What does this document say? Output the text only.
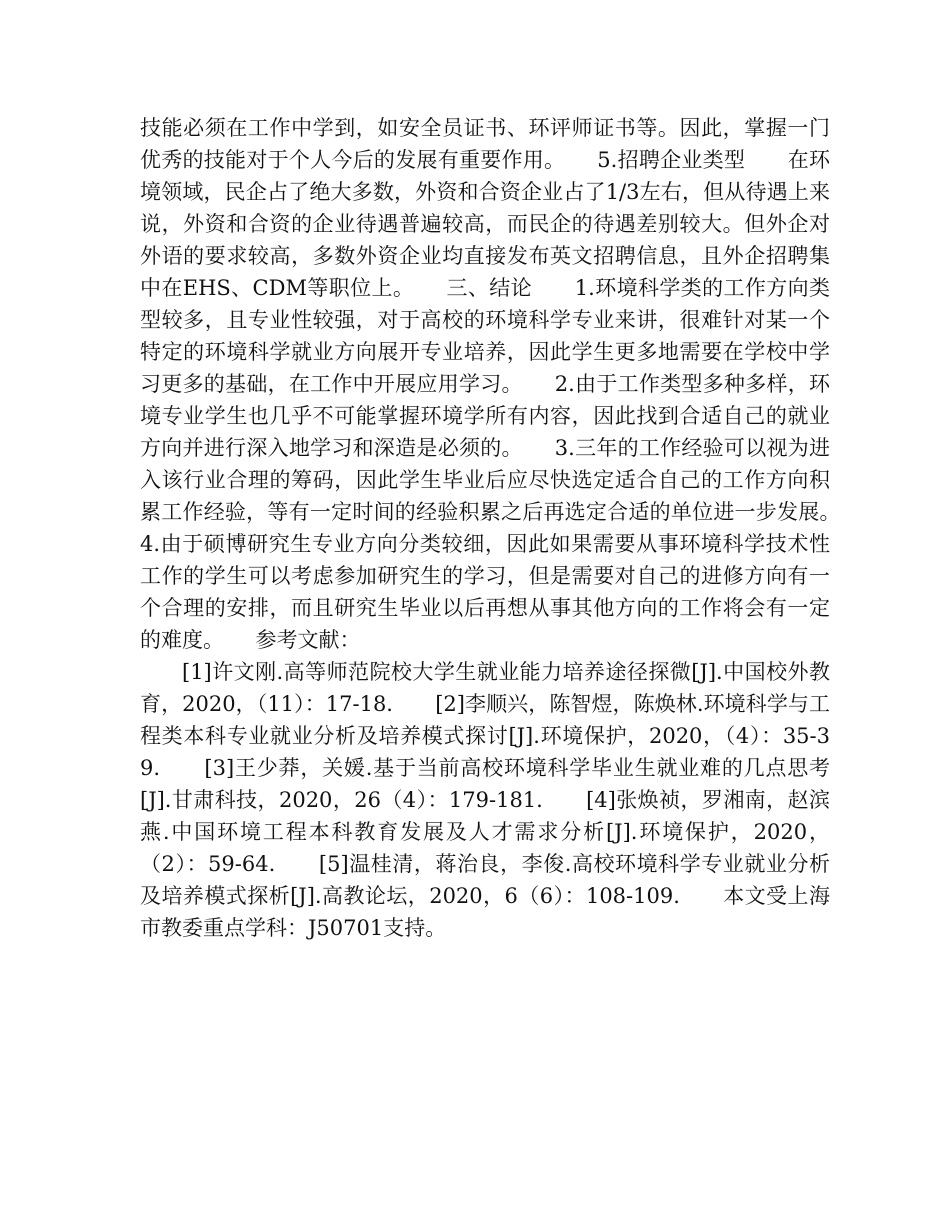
技能必须在工作中学到，如安全员证书、环评师证书等。因此，掌握一门优秀的技能对于个人今后的发展有重要作用。　　5.招聘企业类型　　在环境领域，民企占了绝大多数，外资和合资企业占了1/3左右，但从待遇上来说，外资和合资的企业待遇普遍较高，而民企的待遇差别较大。但外企对外语的要求较高，多数外资企业均直接发布英文招聘信息，且外企招聘集中在EHS、CDM等职位上。　　三、结论　　1.环境科学类的工作方向类型较多，且专业性较强，对于高校的环境科学专业来讲，很难针对某一个特定的环境科学就业方向展开专业培养，因此学生更多地需要在学校中学习更多的基础，在工作中开展应用学习。　　2.由于工作类型多种多样，环境专业学生也几乎不可能掌握环境学所有内容，因此找到合适自己的就业方向并进行深入地学习和深造是必须的。　　3.三年的工作经验可以视为进入该行业合理的筹码，因此学生毕业后应尽快选定适合自己的工作方向积累工作经验，等有一定时间的经验积累之后再选定合适的单位进一步发展。　　4.由于硕博研究生专业方向分类较细，因此如果需要从事环境科学技术性工作的学生可以考虑参加研究生的学习，但是需要对自己的进修方向有一个合理的安排，而且研究生毕业以后再想从事其他方向的工作将会有一定的难度。　　参考文献：

[1]许文刚.高等师范院校大学生就业能力培养途径探微[J].中国校外教育，2020，（11）：17-18.　　[2]李顺兴，陈智煜，陈焕林.环境科学与工程类本科专业就业分析及培养模式探讨[J].环境保护，2020，（4）：35-39.　　[3]王少莽，关媛.基于当前高校环境科学毕业生就业难的几点思考[J].甘肃科技，2020，26（4）：179-181.　　[4]张焕祯，罗湘南，赵滨燕.中国环境工程本科教育发展及人才需求分析[J].环境保护，2020，（2）：59-64.　　[5]温桂清，蒋治良，李俊.高校环境科学专业就业分析及培养模式探析[J].高教论坛，2020，6（6）：108-109.　　本文受上海市教委重点学科：J50701支持。
